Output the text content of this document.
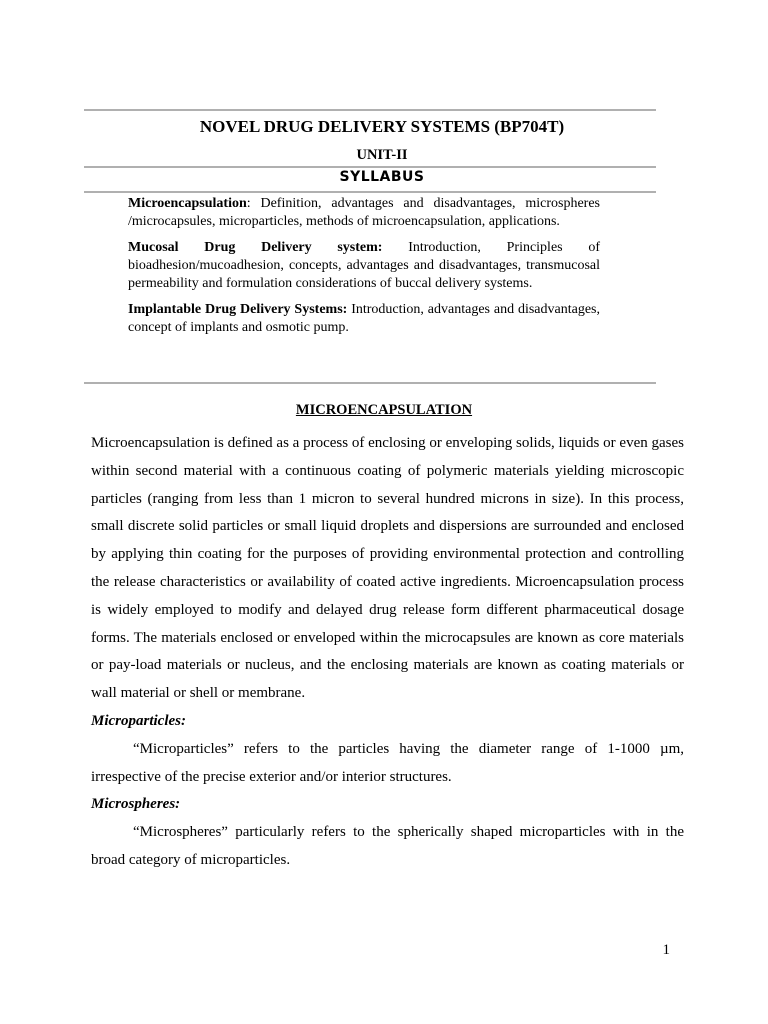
NOVEL DRUG DELIVERY SYSTEMS (BP704T)
UNIT-II
SYLLABUS

Microencapsulation: Definition, advantages and disadvantages, microspheres /microcapsules, microparticles, methods of microencapsulation, applications.

Mucosal Drug Delivery system: Introduction, Principles of bioadhesion/mucoadhesion, concepts, advantages and disadvantages, transmucosal permeability and formulation considerations of buccal delivery systems.

Implantable Drug Delivery Systems: Introduction, advantages and disadvantages, concept of implants and osmotic pump.

MICROENCAPSULATION

Microencapsulation is defined as a process of enclosing or enveloping solids, liquids or even gases within second material with a continuous coating of polymeric materials yielding microscopic particles (ranging from less than 1 micron to several hundred microns in size). In this process, small discrete solid particles or small liquid droplets and dispersions are surrounded and enclosed by applying thin coating for the purposes of providing environmental protection and controlling the release characteristics or availability of coated active ingredients. Microencapsulation process is widely employed to modify and delayed drug release form different pharmaceutical dosage forms. The materials enclosed or enveloped within the microcapsules are known as core materials or pay-load materials or nucleus, and the enclosing materials are known as coating materials or wall material or shell or membrane.

Microparticles:

“Microparticles” refers to the particles having the diameter range of 1-1000 µm, irrespective of the precise exterior and/or interior structures.

Microspheres:

“Microspheres” particularly refers to the spherically shaped microparticles with in the broad category of microparticles.

1
